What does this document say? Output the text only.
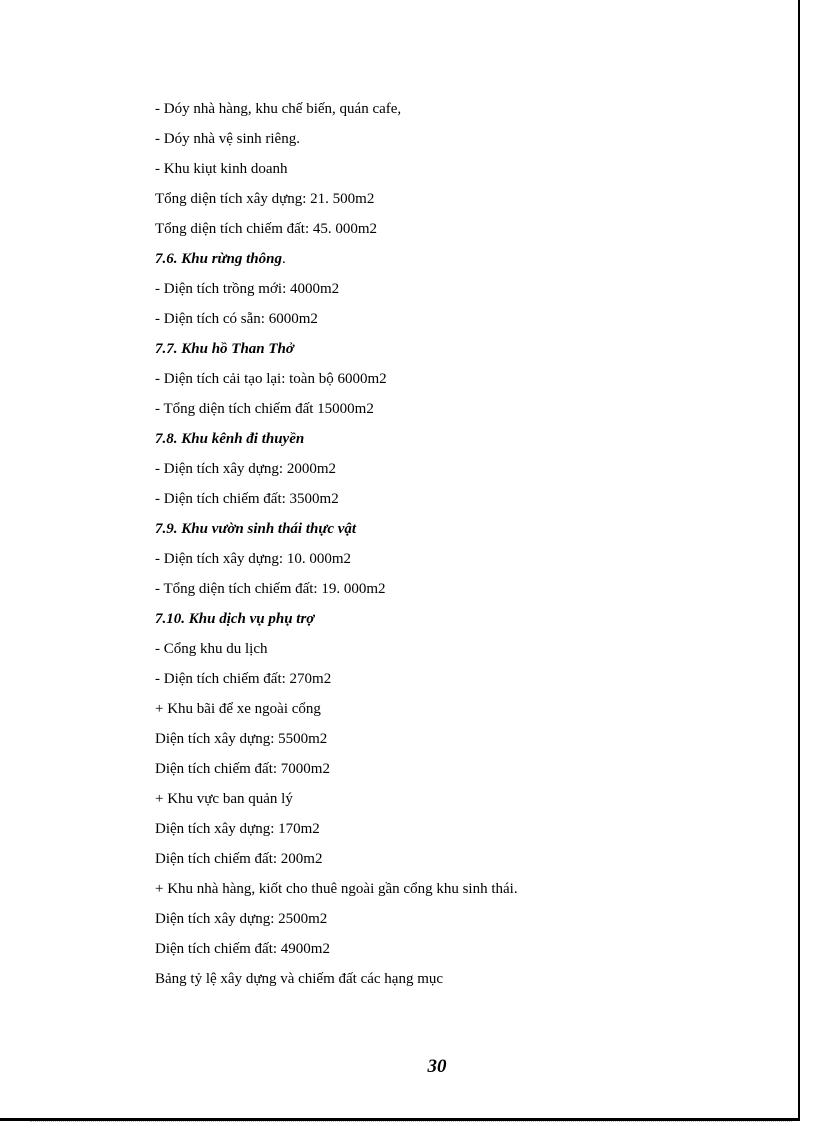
- Dóy nhà hàng, khu chế biến, quán cafe,
- Dóy nhà vệ sinh riêng.
- Khu kiụt kinh doanh
Tổng diện tích xây dựng: 21. 500m2
Tổng diện tích chiếm đất: 45. 000m2
7.6. Khu rừng thông.
- Diện tích trồng mới: 4000m2
- Diện tích có sẵn: 6000m2
7.7. Khu hồ Than Thở
- Diện tích cải tạo lại: toàn bộ 6000m2
- Tổng diện tích chiếm đất 15000m2
7.8. Khu kênh đi thuyền
- Diện tích xây dựng: 2000m2
- Diện tích chiếm đất: 3500m2
7.9. Khu vườn sinh thái thực vật
- Diện tích xây dựng: 10. 000m2
- Tổng diện tích chiếm đất: 19. 000m2
7.10. Khu dịch vụ phụ trợ
- Cổng khu du lịch
- Diện tích chiếm đất: 270m2
+ Khu bãi để xe ngoài cổng
Diện tích xây dựng: 5500m2
Diện tích chiếm đất: 7000m2
+ Khu vực ban quản lý
Diện tích xây dựng: 170m2
Diện tích chiếm đất: 200m2
+ Khu nhà hàng, kiốt cho thuê ngoài gần cổng khu sinh thái.
Diện tích xây dựng: 2500m2
Diện tích chiếm đất: 4900m2
Bảng tỷ lệ xây dựng và chiếm đất các hạng mục
30
